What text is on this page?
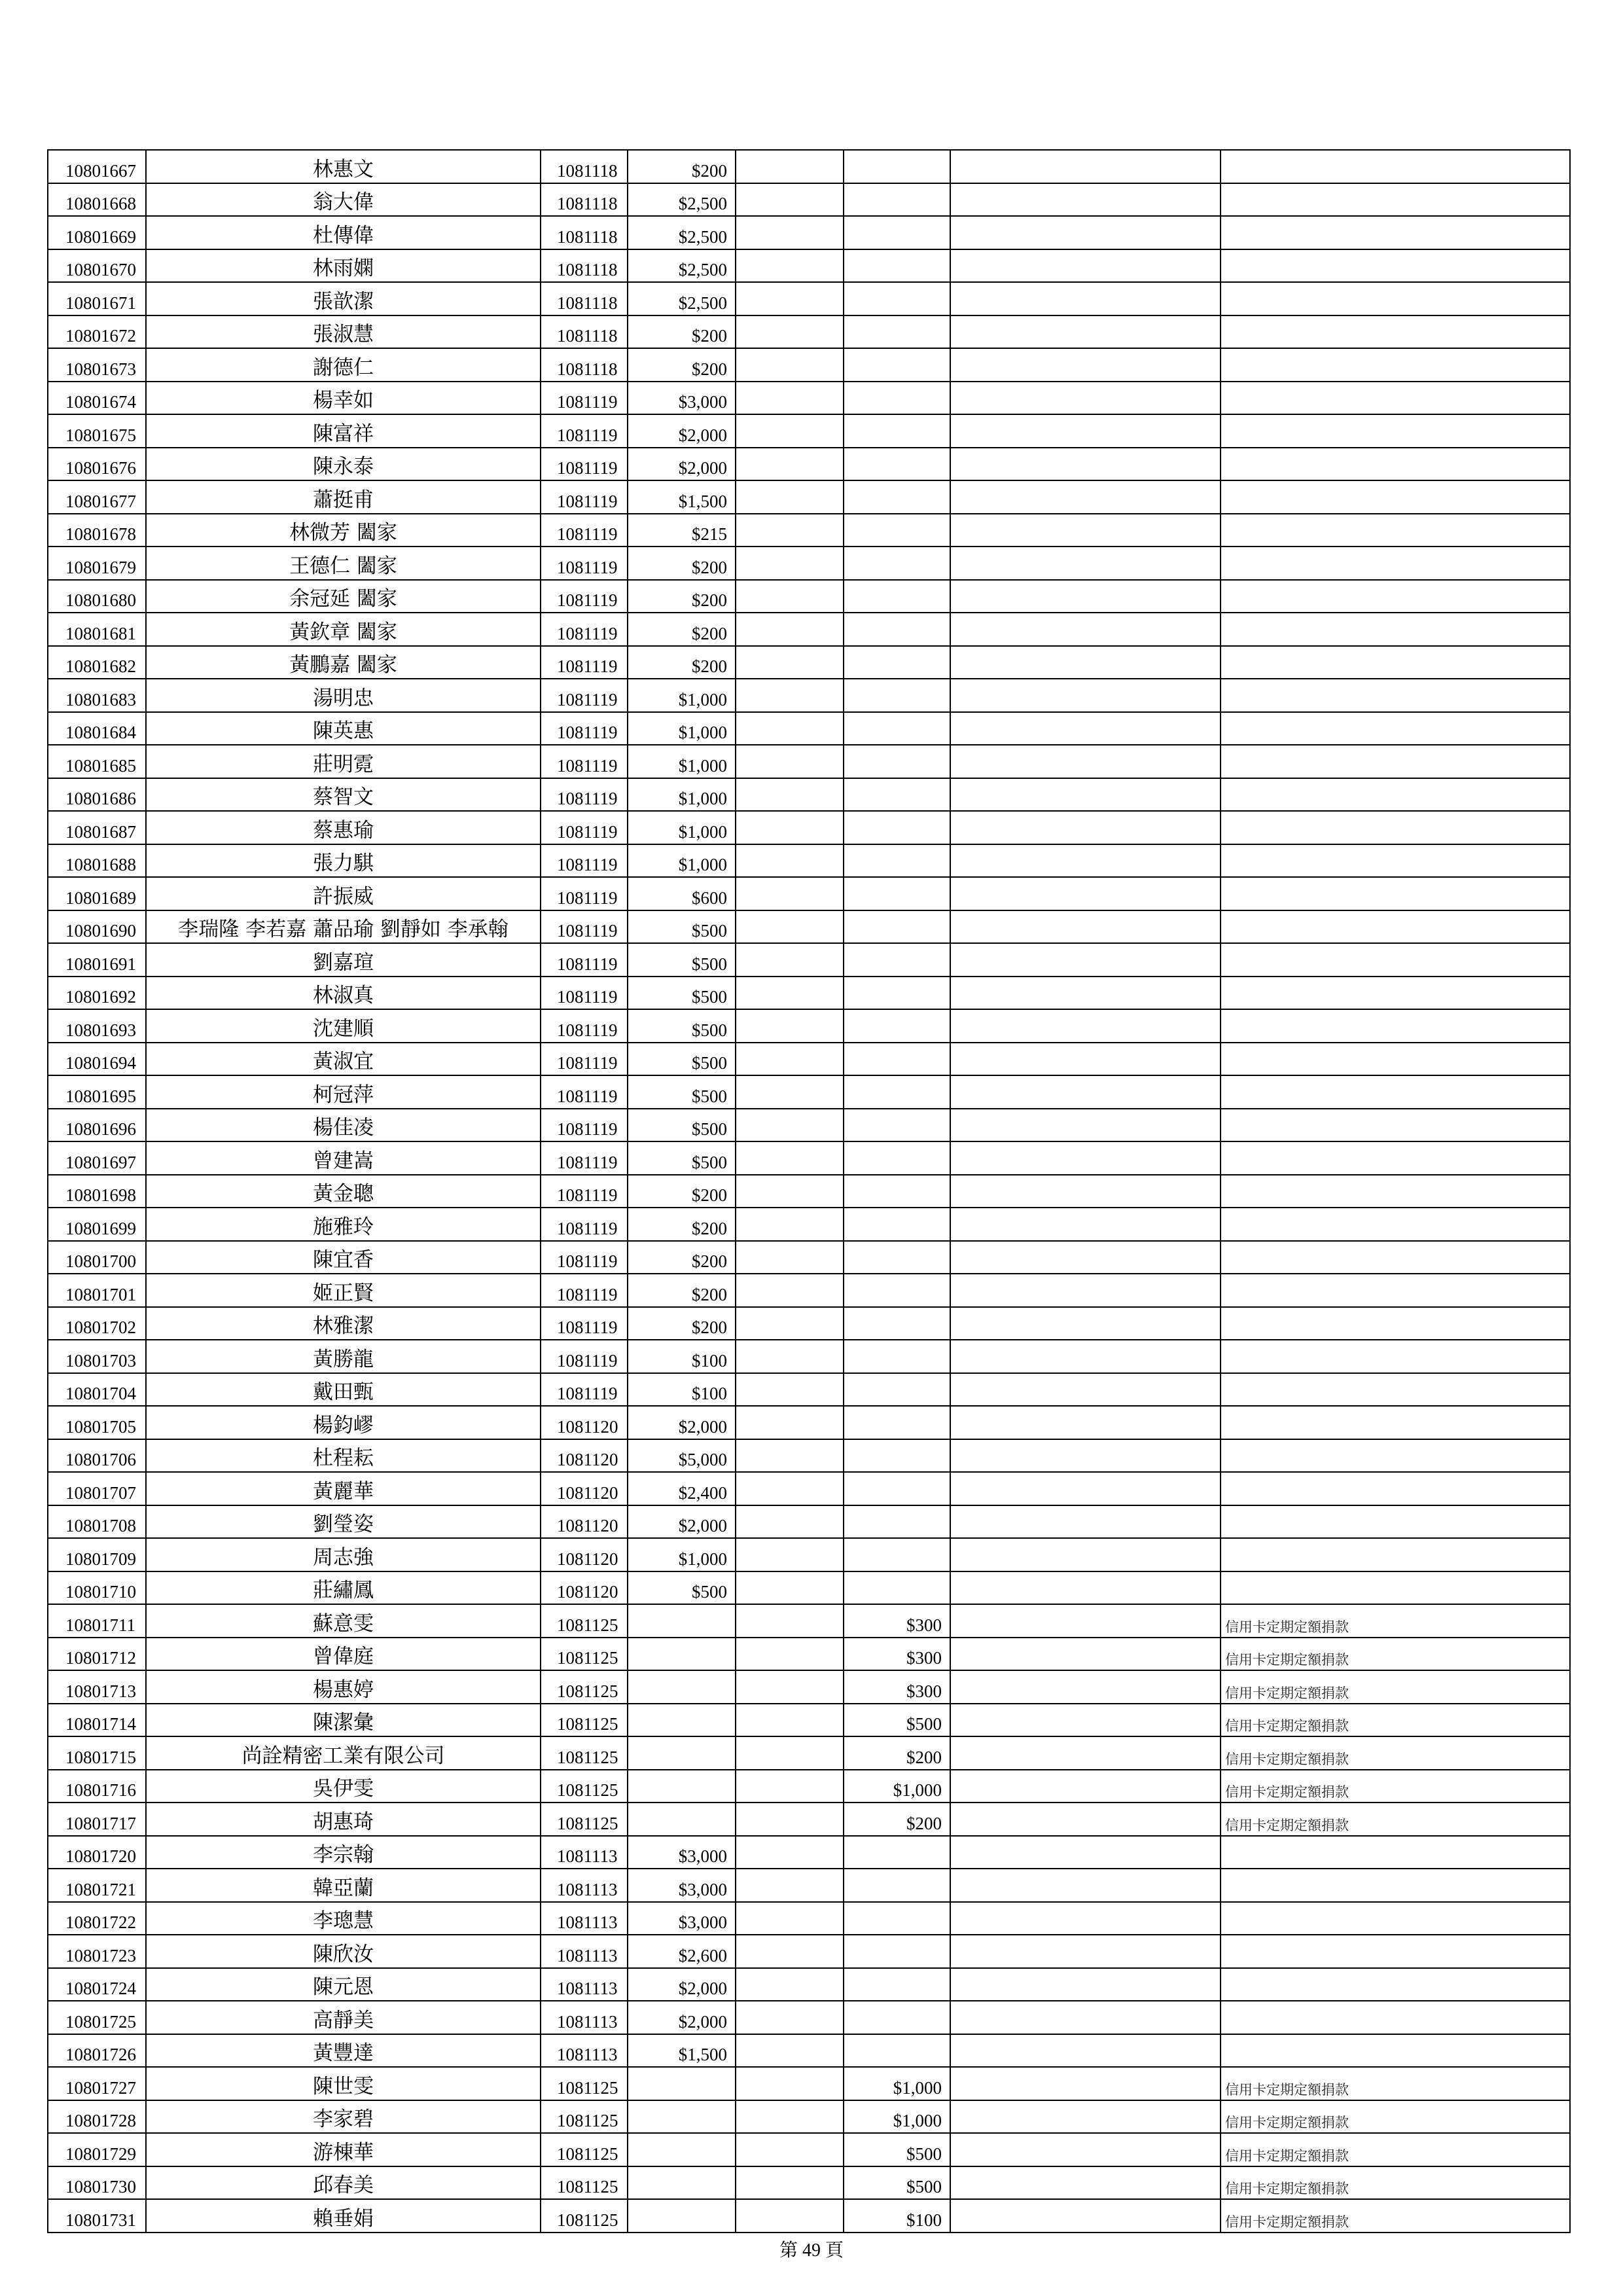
10801667	林惠文	1081118	$200				
10801668	翁大偉	1081118	$2,500				
10801669	杜傳偉	1081118	$2,500				
10801670	林雨嫻	1081118	$2,500				
10801671	張歆潔	1081118	$2,500				
10801672	張淑慧	1081118	$200				
10801673	謝德仁	1081118	$200				
10801674	楊幸如	1081119	$3,000				
10801675	陳富祥	1081119	$2,000				
10801676	陳永泰	1081119	$2,000				
10801677	蕭挺甫	1081119	$1,500				
10801678	林微芳 闔家	1081119	$215				
10801679	王德仁 闔家	1081119	$200				
10801680	余冠延 闔家	1081119	$200				
10801681	黃欽章 闔家	1081119	$200				
10801682	黃鵬嘉 闔家	1081119	$200				
10801683	湯明忠	1081119	$1,000				
10801684	陳英惠	1081119	$1,000				
10801685	莊明霓	1081119	$1,000				
10801686	蔡智文	1081119	$1,000				
10801687	蔡惠瑜	1081119	$1,000				
10801688	張力騏	1081119	$1,000				
10801689	許振威	1081119	$600				
10801690	李瑞隆 李若嘉 蕭品瑜 劉靜如 李承翰	1081119	$500				
10801691	劉嘉瑄	1081119	$500				
10801692	林淑真	1081119	$500				
10801693	沈建順	1081119	$500				
10801694	黃淑宜	1081119	$500				
10801695	柯冠萍	1081119	$500				
10801696	楊佳凌	1081119	$500				
10801697	曾建嵩	1081119	$500				
10801698	黃金聰	1081119	$200				
10801699	施雅玲	1081119	$200				
10801700	陳宜香	1081119	$200				
10801701	姬正賢	1081119	$200				
10801702	林雅潔	1081119	$200				
10801703	黃勝龍	1081119	$100				
10801704	戴田甄	1081119	$100				
10801705	楊鈞嵺	1081120	$2,000				
10801706	杜程耘	1081120	$5,000				
10801707	黃麗華	1081120	$2,400				
10801708	劉瑩姿	1081120	$2,000				
10801709	周志強	1081120	$1,000				
10801710	莊繡鳳	1081120	$500				
10801711	蘇意雯	1081125			$300		信用卡定期定額捐款
10801712	曾偉庭	1081125			$300		信用卡定期定額捐款
10801713	楊惠婷	1081125			$300		信用卡定期定額捐款
10801714	陳潔彙	1081125			$500		信用卡定期定額捐款
10801715	尚詮精密工業有限公司	1081125			$200		信用卡定期定額捐款
10801716	吳伊雯	1081125			$1,000		信用卡定期定額捐款
10801717	胡惠琦	1081125			$200		信用卡定期定額捐款
10801720	李宗翰	1081113	$3,000				
10801721	韓亞蘭	1081113	$3,000				
10801722	李璁慧	1081113	$3,000				
10801723	陳欣汝	1081113	$2,600				
10801724	陳元恩	1081113	$2,000				
10801725	高靜美	1081113	$2,000				
10801726	黃豐達	1081113	$1,500				
10801727	陳世雯	1081125			$1,000		信用卡定期定額捐款
10801728	李家碧	1081125			$1,000		信用卡定期定額捐款
10801729	游棟華	1081125			$500		信用卡定期定額捐款
10801730	邱春美	1081125			$500		信用卡定期定額捐款
10801731	賴垂娟	1081125			$100		信用卡定期定額捐款
第 49 頁
